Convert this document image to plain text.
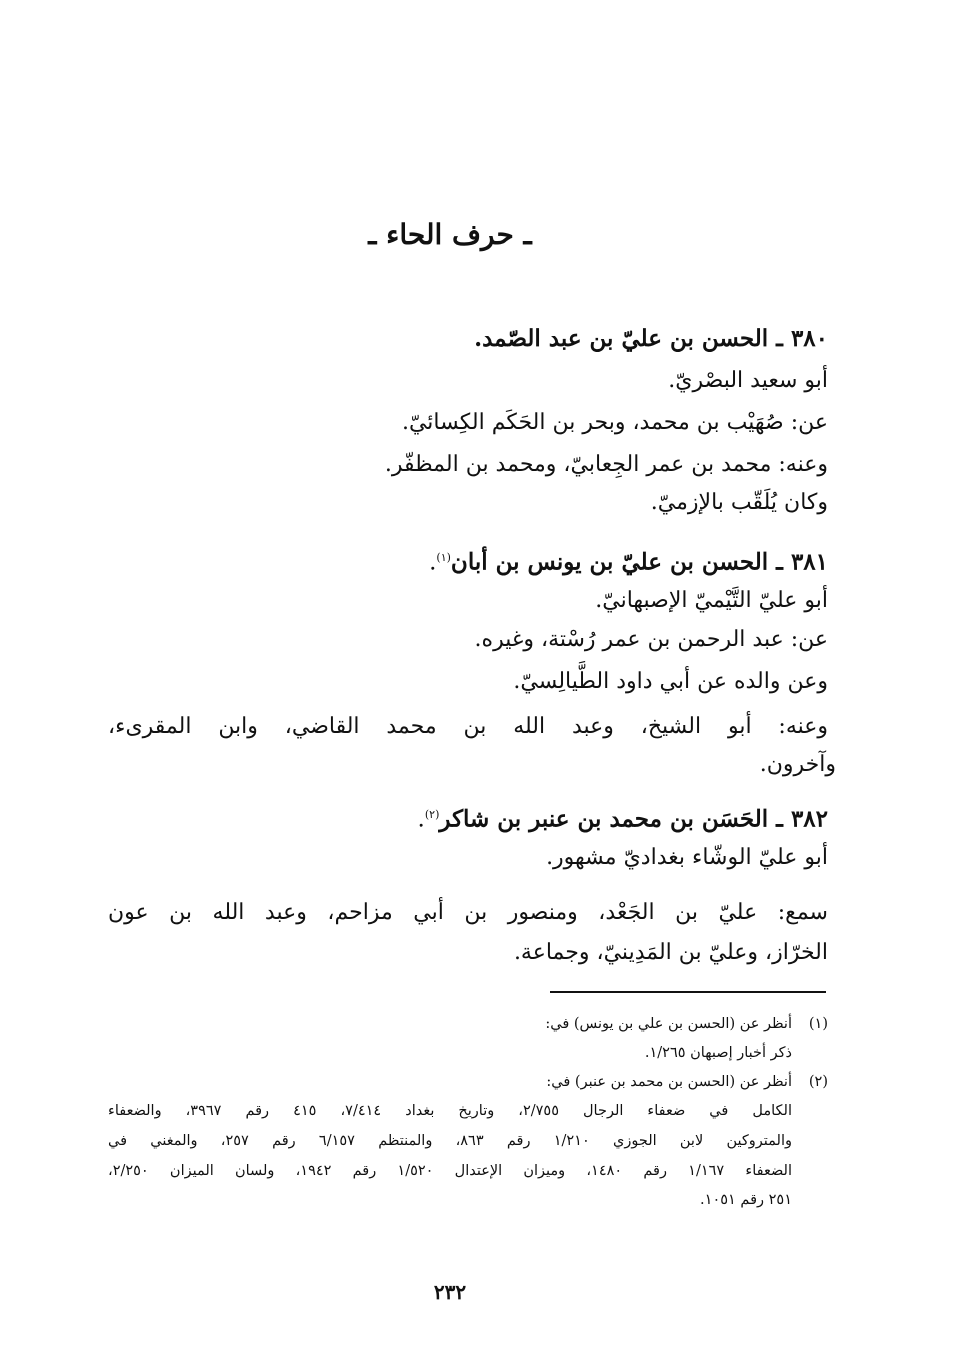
ـ حرف الحاء ـ
٣٨٠ ـ الحسن بن عليّ بن عبد الصّمد.
أبو سعيد البصْريّ.
عن: صُهَيْب بن محمد، وبحر بن الحَكَم الكِسائيّ.
وعنه: محمد بن عمر الجِعابيّ، ومحمد بن المظفّر.
وكان يُلَقّب بالإزميّ.
٣٨١ ـ الحسن بن عليّ بن يونس بن أبان$^{(١)}$.
أبو عليّ التَّيْميّ الإصبهانيّ.
عن: عبد الرحمن بن عمر رُسْتة، وغيره.
وعن والده عن أبي داود الطَّيالِسيّ.
وعنه: أبو الشيخ، وعبد الله بن محمد القاضي، وابن المقرىء،
وآخرون.
٣٨٢ ـ الحَسَن بن محمد بن عنبر بن شاكر$^{(٢)}$.
أبو عليّ الوشّاء بغداديّ مشهور.
سمع: عليّ بن الجَعْد، ومنصور بن أبي مزاحم، وعبد الله بن عون
الخرّاز، وعليّ بن المَدِينيّ، وجماعة.
(١)أنظر عن (الحسن بن علي بن يونس) في:
ذكر أخبار إصبهان ١/٢٦٥.
(٢)أنظر عن (الحسن بن محمد بن عنبر) في:
الكامل في ضعفاء الرجال ٢/٧٥٥، وتاريخ بغداد ٧/٤١٤، ٤١٥ رقم ٣٩٦٧، والضعفاء
والمتروكين لابن الجوزي ١/٢١٠ رقم ٨٦٣، والمنتظم ٦/١٥٧ رقم ٢٥٧، والمغني في
الضعفاء ١/١٦٧ رقم ١٤٨٠، وميزان الإعتدال ١/٥٢٠ رقم ١٩٤٢، ولسان الميزان ٢/٢٥٠،
٢٥١ رقم ١٠٥١.
٢٣٢
